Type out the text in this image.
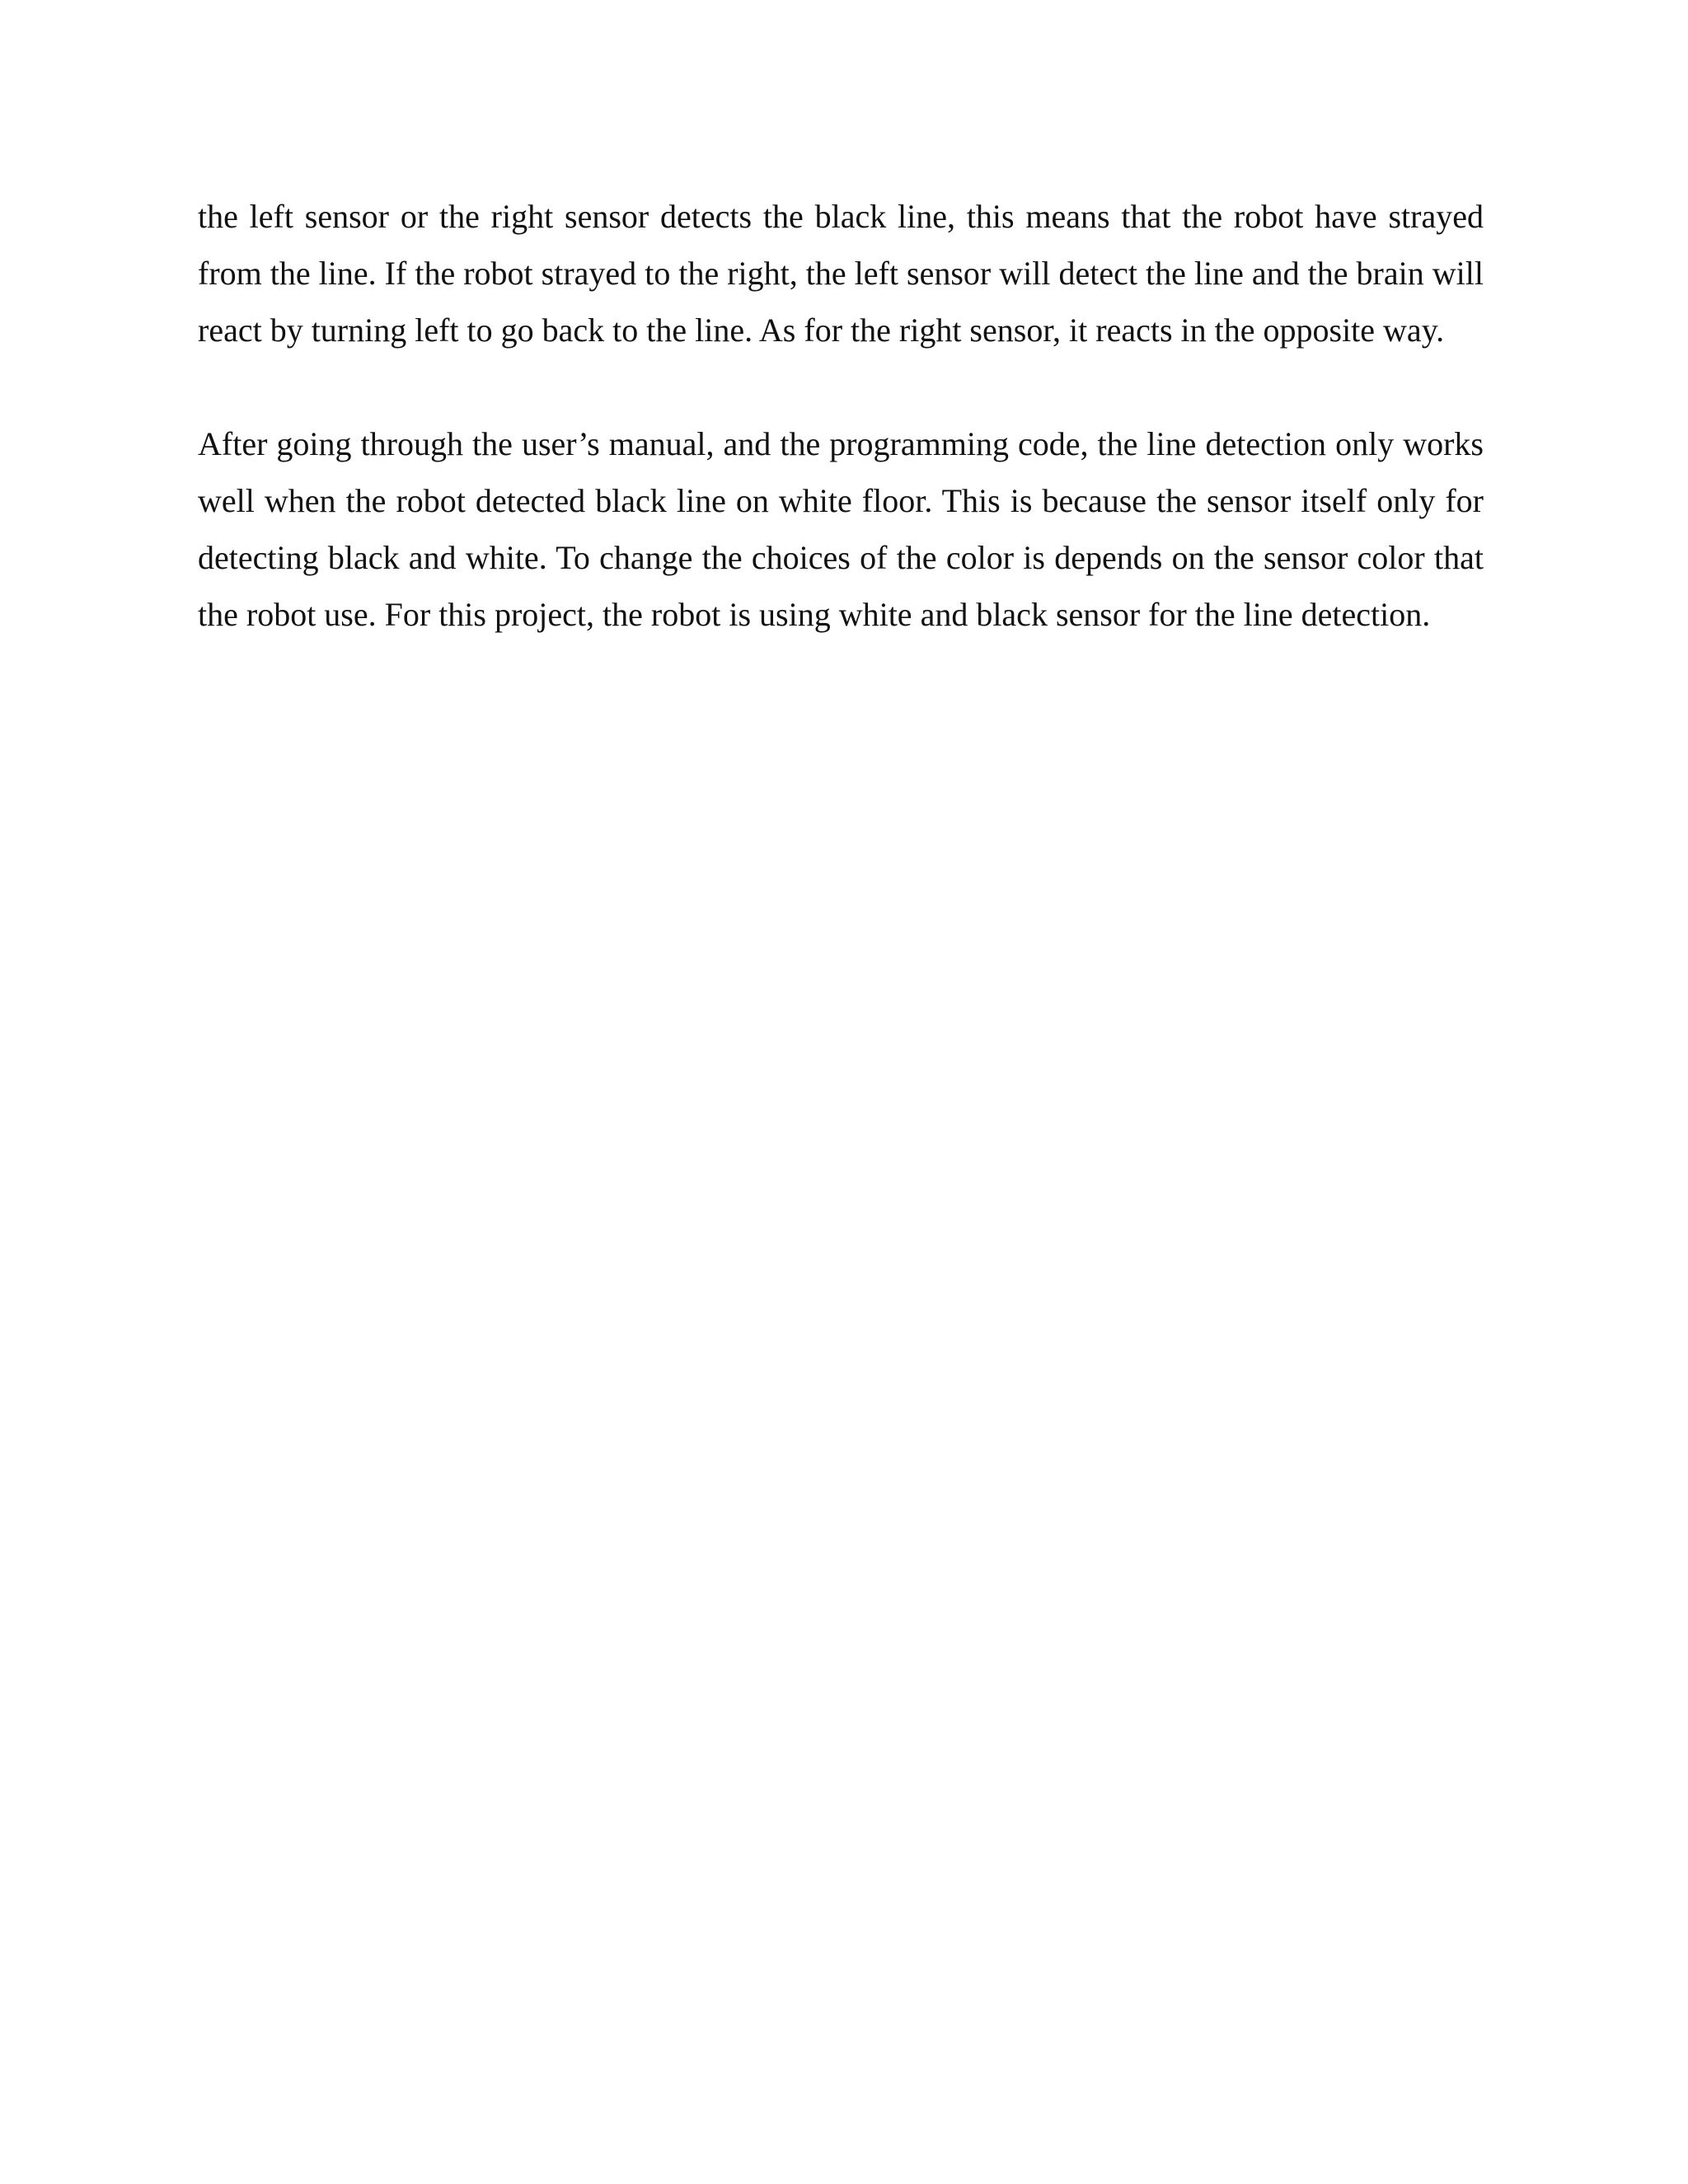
the left sensor or the right sensor detects the black line, this means that the robot have strayed from the line. If the robot strayed to the right, the left sensor will detect the line and the brain will react by turning left to go back to the line. As for the right sensor, it reacts in the opposite way.

After going through the user’s manual, and the programming code, the line detection only works well when the robot detected black line on white floor. This is because the sensor itself only for detecting black and white. To change the choices of the color is depends on the sensor color that the robot use. For this project, the robot is using white and black sensor for the line detection.
